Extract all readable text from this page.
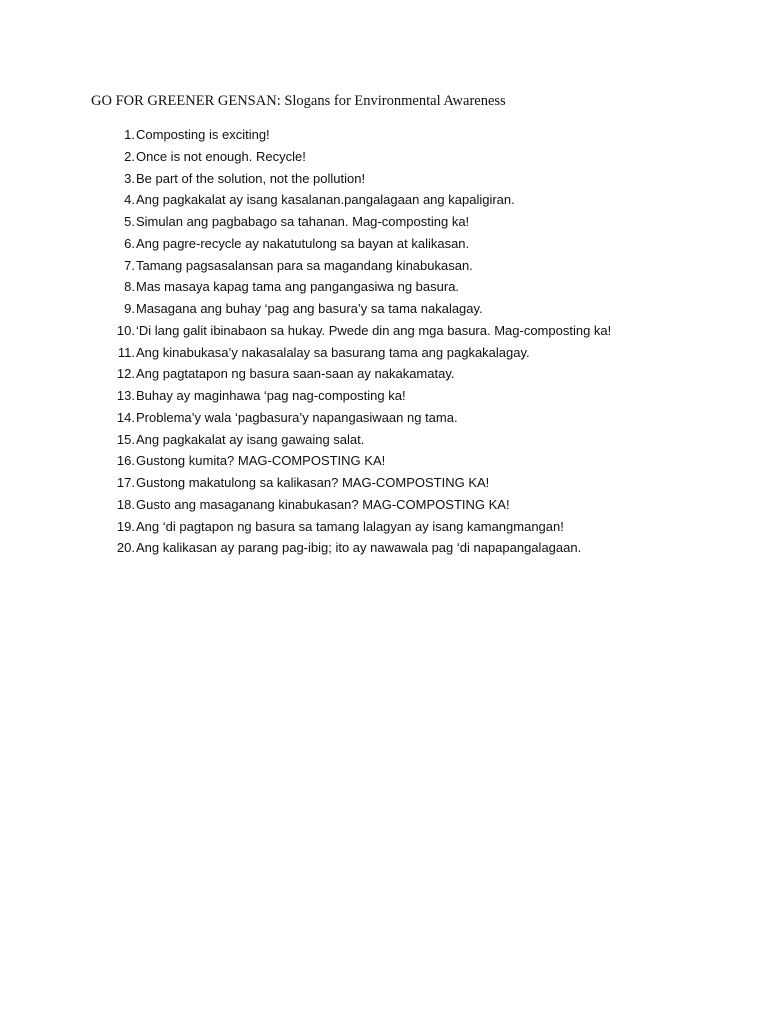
GO FOR GREENER GENSAN: Slogans for Environmental Awareness
1. Composting is exciting!
2. Once is not enough. Recycle!
3. Be part of the solution, not the pollution!
4. Ang pagkakalat ay isang kasalanan.pangalagaan ang kapaligiran.
5. Simulan ang pagbabago sa tahanan. Mag-composting ka!
6. Ang pagre-recycle ay nakatutulong sa bayan at kalikasan.
7. Tamang pagsasalansan para sa magandang kinabukasan.
8. Mas masaya kapag tama ang pangangasiwa ng basura.
9. Masagana ang buhay ‘pag ang basura’y sa tama nakalagay.
10. ‘Di lang galit ibinabaon sa hukay. Pwede din ang mga basura. Mag-composting ka!
11. Ang kinabukasa’y nakasalalay sa basurang tama ang pagkakalagay.
12. Ang pagtatapon ng basura saan-saan ay nakakamatay.
13. Buhay ay maginhawa ‘pag nag-composting ka!
14. Problema’y wala ‘pagbasura’y napangasiwaan ng tama.
15. Ang pagkakalat ay isang gawaing salat.
16. Gustong kumita? MAG-COMPOSTING KA!
17. Gustong makatulong sa kalikasan? MAG-COMPOSTING KA!
18. Gusto ang masaganang kinabukasan? MAG-COMPOSTING KA!
19. Ang ‘di pagtapon ng basura sa tamang lalagyan ay isang kamangmangan!
20. Ang kalikasan ay parang pag-ibig; ito ay nawawala pag ‘di napapangalagaan.
